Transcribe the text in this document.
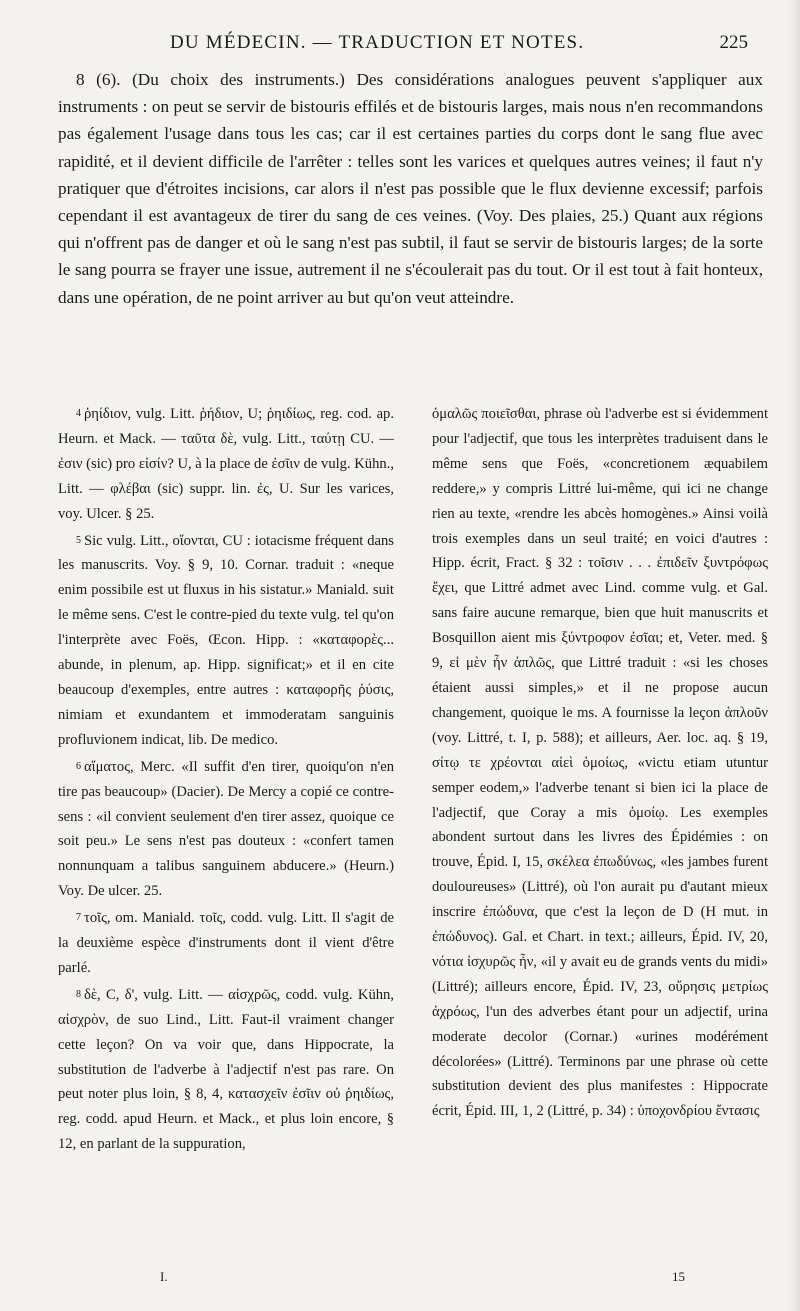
DU MÉDECIN. — TRADUCTION ET NOTES.	225

8 (6). (Du choix des instruments.) Des considérations analogues peuvent s'appliquer aux instruments : on peut se servir de bistouris effilés et de bistouris larges, mais nous n'en recommandons pas également l'usage dans tous les cas; car il est certaines parties du corps dont le sang flue avec rapidité, et il devient difficile de l'arrêter : telles sont les varices et quelques autres veines; il faut n'y pratiquer que d'étroites incisions, car alors il n'est pas possible que le flux devienne excessif; parfois cependant il est avantageux de tirer du sang de ces veines. (Voy. Des plaies, 25.) Quant aux régions qui n'offrent pas de danger et où le sang n'est pas subtil, il faut se servir de bistouris larges; de la sorte le sang pourra se frayer une issue, autrement il ne s'écoulerait pas du tout. Or il est tout à fait honteux, dans une opération, de ne point arriver au but qu'on veut atteindre.

$^4$ ῥηίδιον, vulg. Litt. ῥήδιον, U; ῥηιδίως, reg. cod. ap. Heurn. et Mack. — ταῦτα δὲ, vulg. Litt., ταύτῃ CU. — ἐσιν (sic) pro εἰσίν? U, à la place de ἐσῖιν de vulg. Kühn., Litt. — φλέβαι (sic) suppr. lin. ἐς, U. Sur les varices, voy. Ulcer. § 25.

$^5$ Sic vulg. Litt., οἴονται, CU : iotacisme fréquent dans les manuscrits. Voy. § 9, 10. Cornar. traduit : «neque enim possibile est ut fluxus in his sistatur.» Maniald. suit le même sens. C'est le contre-pied du texte vulg. tel qu'on l'interprète avec Foës, Œcon. Hipp. : «καταφορὲς... abunde, in plenum, ap. Hipp. significat;» et il en cite beaucoup d'exemples, entre autres : καταφορῆς ῥύσις, nimiam et exundantem et immoderatam sanguinis profluvionem indicat, lib. De medico.

$^6$ αἵματος, Merc. «Il suffit d'en tirer, quoiqu'on n'en tire pas beaucoup» (Dacier). De Mercy a copié ce contre-sens : «il convient seulement d'en tirer assez, quoique ce soit peu.» Le sens n'est pas douteux : «confert tamen nonnunquam a talibus sanguinem abducere.» (Heurn.) Voy. De ulcer. 25.

$^7$ τοῖς, om. Maniald. τοῖς, codd. vulg. Litt. Il s'agit de la deuxième espèce d'instruments dont il vient d'être parlé.

$^8$ δὲ, C, δ', vulg. Litt. — αἰσχρῶς, codd. vulg. Kühn, αἰσχρὸν, de suo Lind., Litt. Faut-il vraiment changer cette leçon? On va voir que, dans Hippocrate, la substitution de l'adverbe à l'adjectif n'est pas rare. On peut noter plus loin, § 8, 4, κατασχεῖν ἐσῖιν οὐ ῥηιδίως, reg. codd. apud Heurn. et Mack., et plus loin encore, § 12, en parlant de la suppuration,

ὁμαλῶς ποιεῖσθαι, phrase où l'adverbe est si évidemment pour l'adjectif, que tous les interprètes traduisent dans le même sens que Foës, «concretionem æquabilem reddere,» y compris Littré lui-même, qui ici ne change rien au texte, «rendre les abcès homogènes.» Ainsi voilà trois exemples dans un seul traité; en voici d'autres : Hipp. écrit, Fract. § 32 : τοῖσιν . . . ἐπιδεῖν ξυντρόφως ἔχει, que Littré admet avec Lind. comme vulg. et Gal. sans faire aucune remarque, bien que huit manuscrits et Bosquillon aient mis ξύντροφον ἐσῖαι; et, Veter. med. § 9, εἰ μὲν ἦν ἁπλῶς, que Littré traduit : «si les choses étaient aussi simples,» et il ne propose aucun changement, quoique le ms. A fournisse la leçon ἁπλοῦν (voy. Littré, t. I, p. 588); et ailleurs, Aer. loc. aq. § 19, σίτῳ τε χρέονται αἰεὶ ὁμοίως, «victu etiam utuntur semper eodem,» l'adverbe tenant si bien ici la place de l'adjectif, que Coray a mis ὁμοίῳ. Les exemples abondent surtout dans les livres des Épidémies : on trouve, Épid. I, 15, σκέλεα ἐπωδύνως, «les jambes furent douloureuses» (Littré), où l'on aurait pu d'autant mieux inscrire ἐπώδυνα, que c'est la leçon de D (H mut. in ἐπώδυνος). Gal. et Chart. in text.; ailleurs, Épid. IV, 20, νότια ἰσχυρῶς ἦν, «il y avait eu de grands vents du midi» (Littré); ailleurs encore, Épid. IV, 23, οὔρησις μετρίως ἀχρόως, l'un des adverbes étant pour un adjectif, urina moderate decolor (Cornar.) «urines modérément décolorées» (Littré). Terminons par une phrase où cette substitution devient des plus manifestes : Hippocrate écrit, Épid. III, 1, 2 (Littré, p. 34) : ὑποχονδρίου ἔντασις

I.	15
